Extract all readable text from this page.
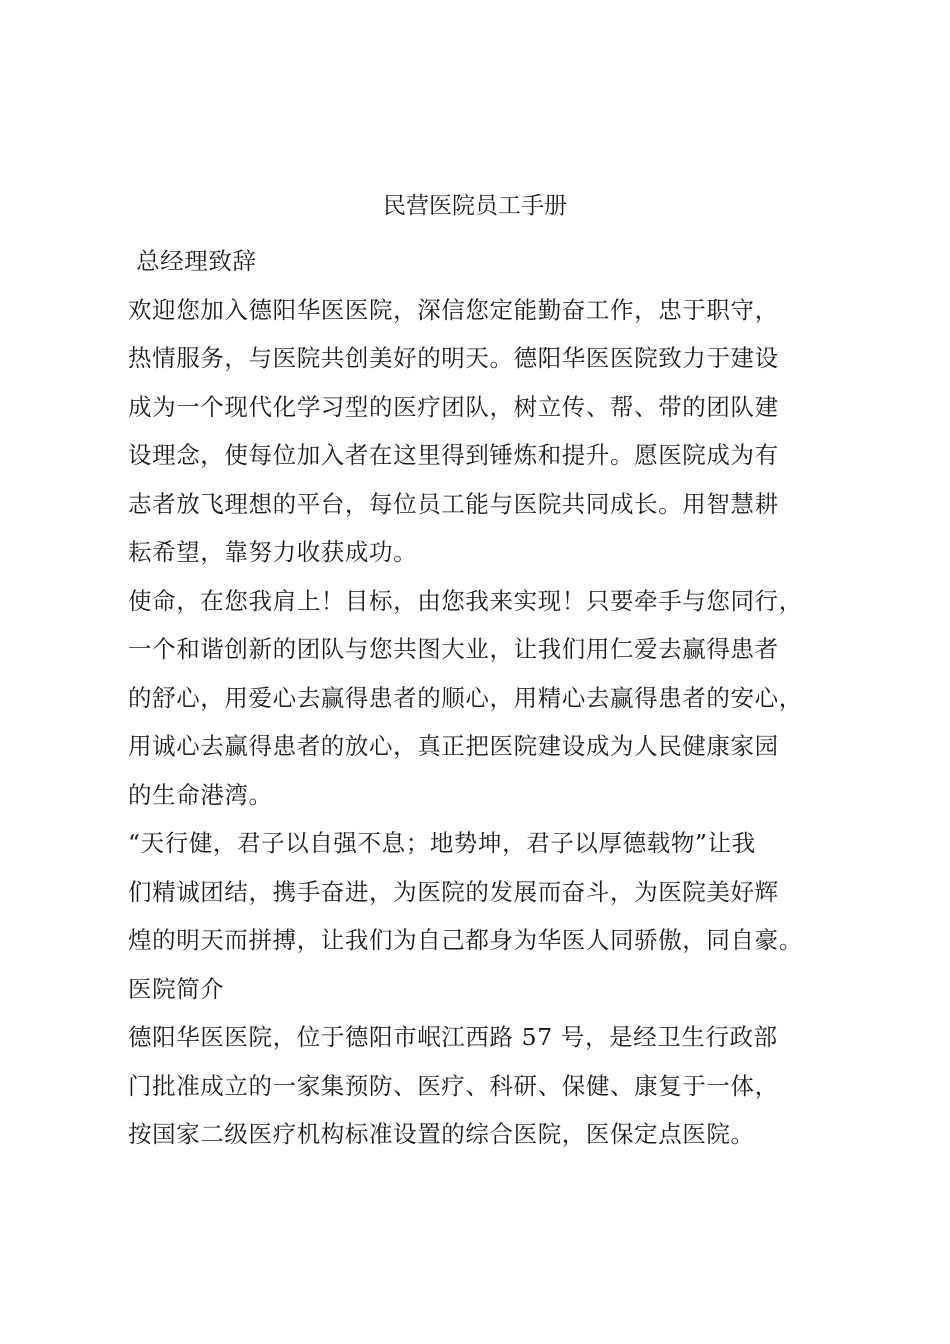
民营医院员工手册
总经理致辞
欢迎您加入德阳华医医院，深信您定能勤奋工作，忠于职守，
热情服务，与医院共创美好的明天。德阳华医医院致力于建设
成为一个现代化学习型的医疗团队，树立传、帮、带的团队建
设理念，使每位加入者在这里得到锤炼和提升。愿医院成为有
志者放飞理想的平台，每位员工能与医院共同成长。用智慧耕
耘希望，靠努力收获成功。
使命，在您我肩上！目标，由您我来实现！只要牵手与您同行，
一个和谐创新的团队与您共图大业，让我们用仁爱去赢得患者
的舒心，用爱心去赢得患者的顺心，用精心去赢得患者的安心，
用诚心去赢得患者的放心，真正把医院建设成为人民健康家园
的生命港湾。
“天行健，君子以自强不息；地势坤，君子以厚德载物”让我
们精诚团结，携手奋进，为医院的发展而奋斗，为医院美好辉
煌的明天而拼搏，让我们为自己都身为华医人同骄傲，同自豪。
医院简介
德阳华医医院，位于德阳市岷江西路 57 号，是经卫生行政部
门批准成立的一家集预防、医疗、科研、保健、康复于一体，
按国家二级医疗机构标准设置的综合医院，医保定点医院。
